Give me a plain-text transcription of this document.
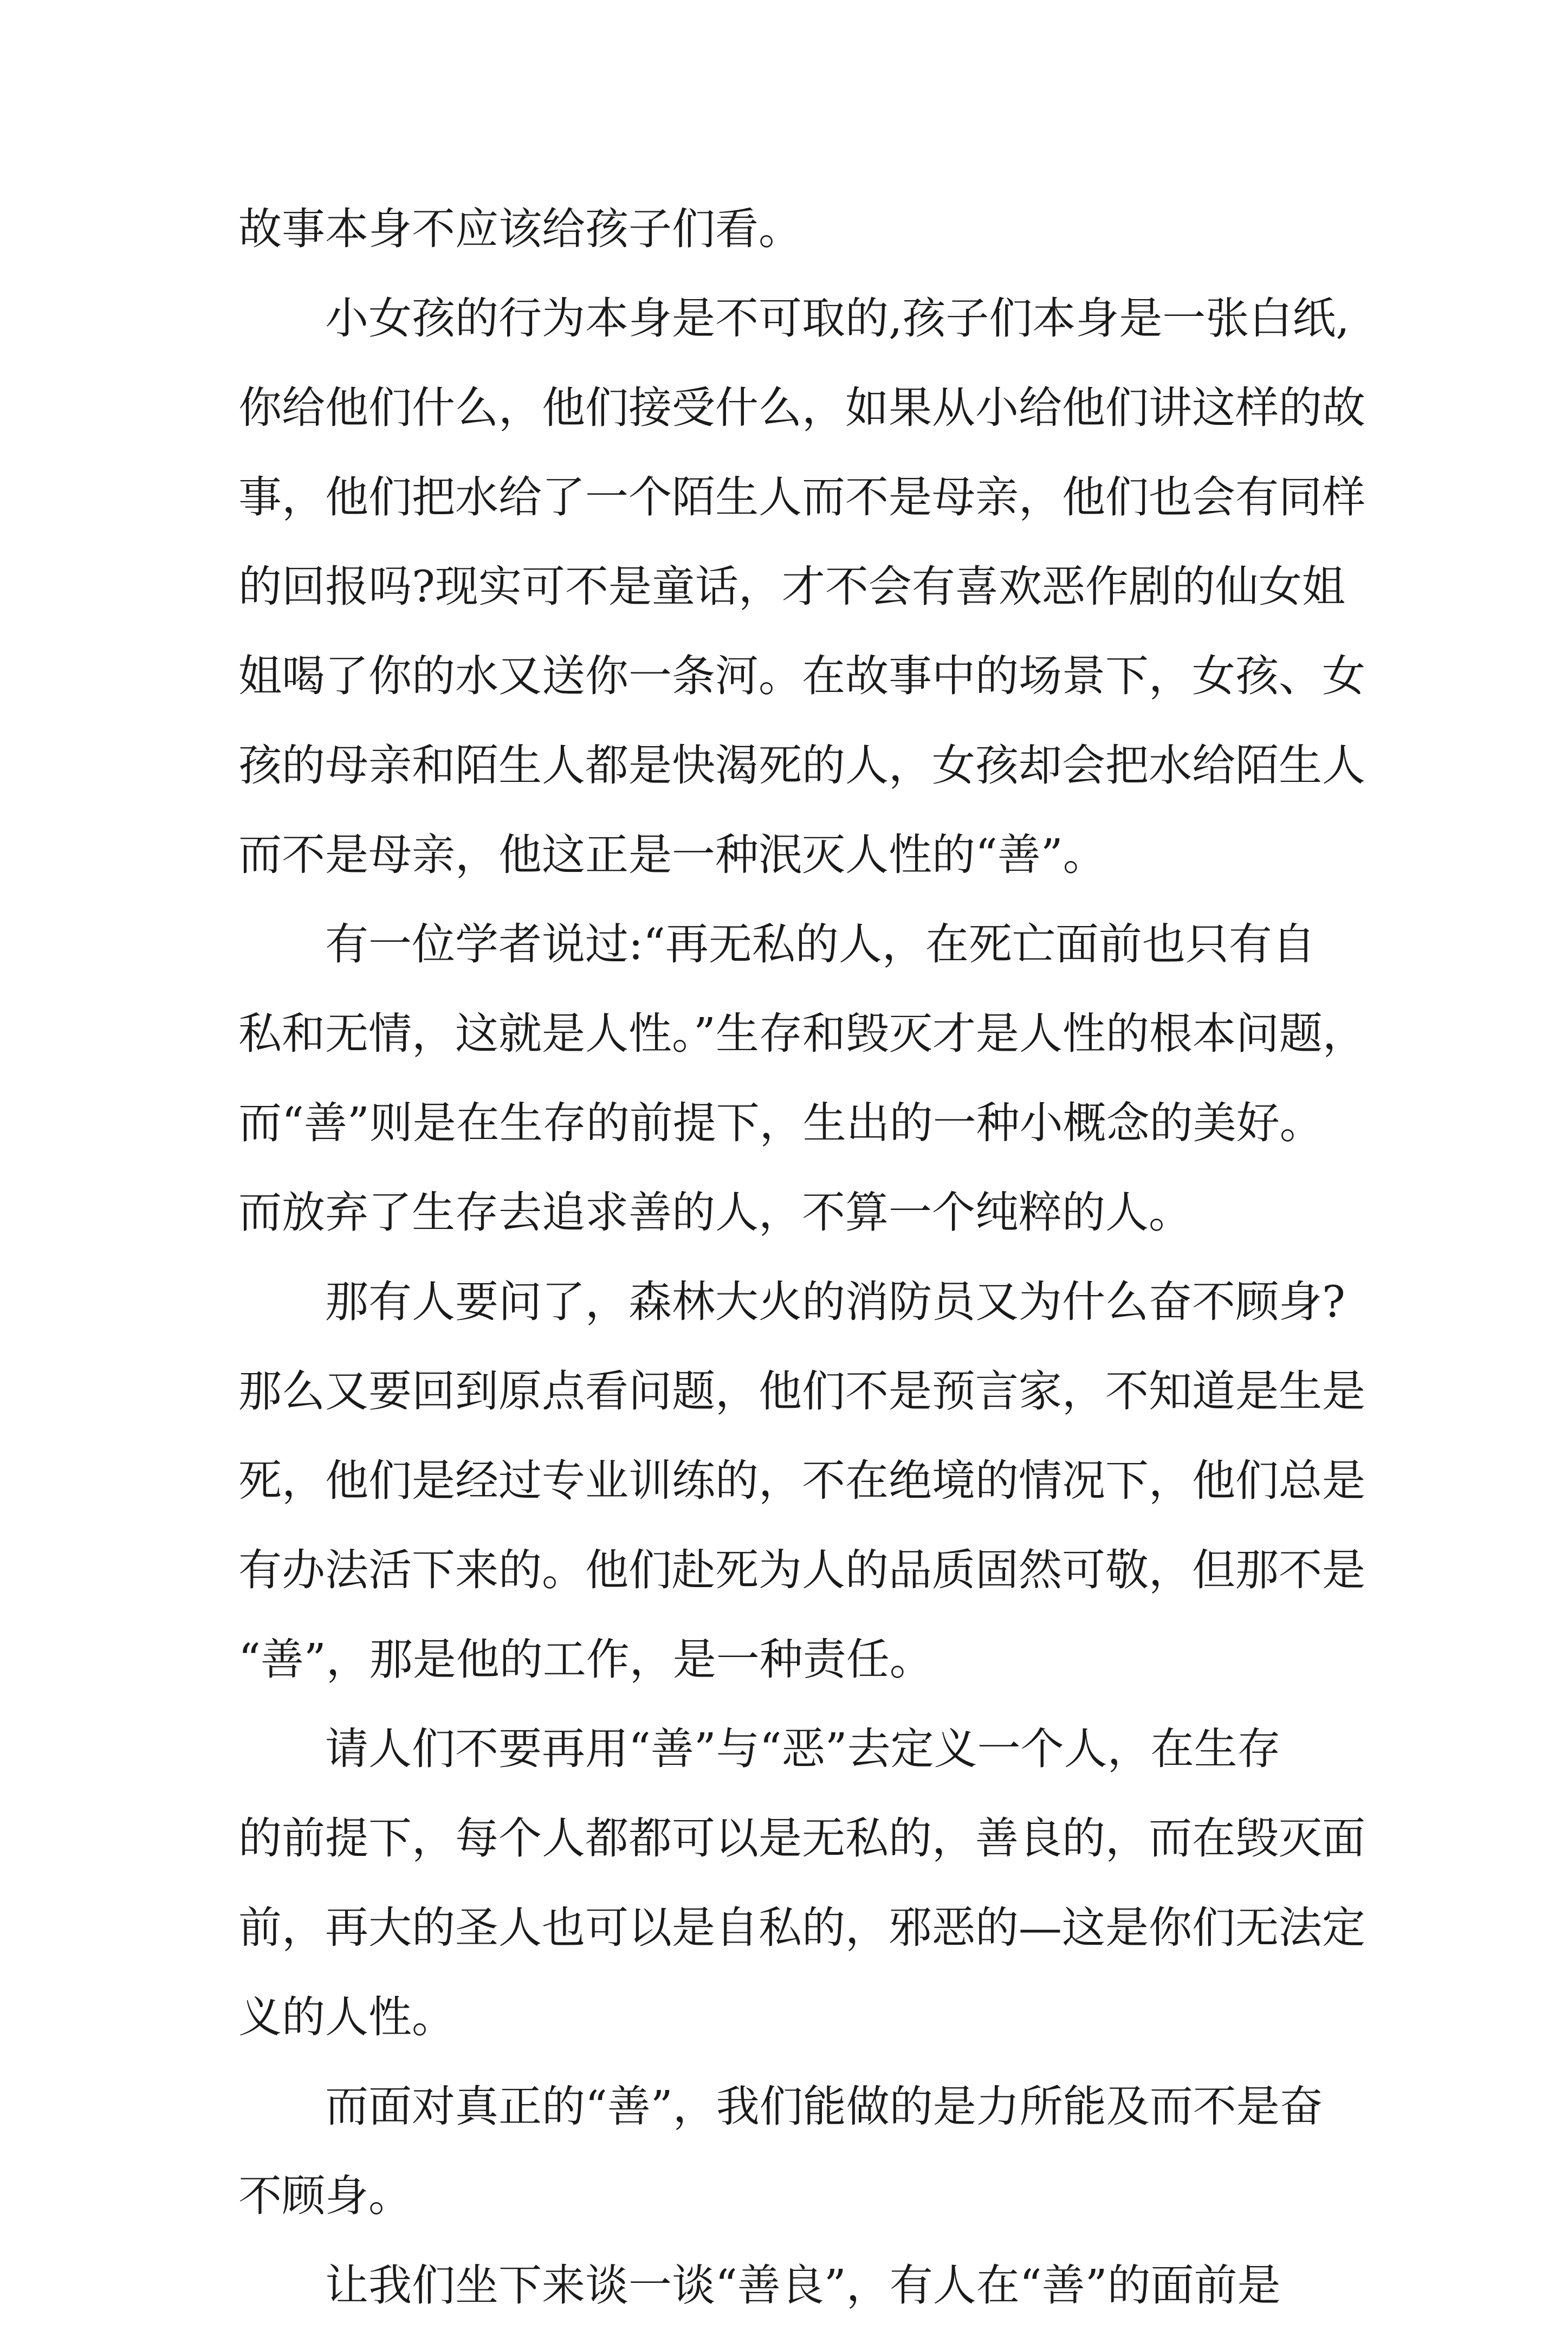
故事本身不应该给孩子们看。
小女孩的行为本身是不可取的,孩子们本身是一张白纸,
你给他们什么，他们接受什么，如果从小给他们讲这样的故
事，他们把水给了一个陌生人而不是母亲，他们也会有同样
的回报吗?现实可不是童话，才不会有喜欢恶作剧的仙女姐
姐喝了你的水又送你一条河。在故事中的场景下，女孩、女
孩的母亲和陌生人都是快渴死的人，女孩却会把水给陌生人
而不是母亲，他这正是一种泯灭人性的“善”。
有一位学者说过:“再无私的人，在死亡面前也只有自
私和无情，这就是人性。”生存和毁灭才是人性的根本问题，
而“善”则是在生存的前提下，生出的一种小概念的美好。
而放弃了生存去追求善的人，不算一个纯粹的人。
那有人要问了，森林大火的消防员又为什么奋不顾身?
那么又要回到原点看问题，他们不是预言家，不知道是生是
死，他们是经过专业训练的，不在绝境的情况下，他们总是
有办法活下来的。他们赴死为人的品质固然可敬，但那不是
“善”，那是他的工作，是一种责任。
请人们不要再用“善”与“恶”去定义一个人，在生存
的前提下，每个人都都可以是无私的，善良的，而在毁灭面
前，再大的圣人也可以是自私的，邪恶的—这是你们无法定
义的人性。
而面对真正的“善”，我们能做的是力所能及而不是奋
不顾身。
让我们坐下来谈一谈“善良”，有人在“善”的面前是
